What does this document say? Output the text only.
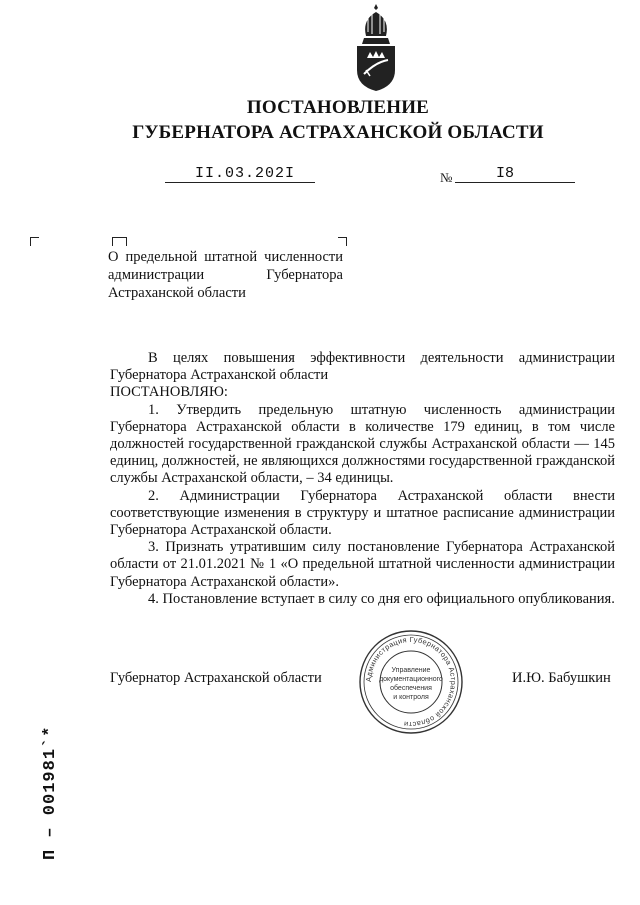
ПОСТАНОВЛЕНИЕ
ГУБЕРНАТОРА АСТРАХАНСКОЙ ОБЛАСТИ
II.03.202I	№	I8
О предельной штатной численности администрации Губернатора Астраханской области

В целях повышения эффективности деятельности администрации Губернатора Астраханской области

ПОСТАНОВЛЯЮ:

1. Утвердить предельную штатную численность администрации Губернатора Астраханской области в количестве 179 единиц, в том числе должностей государственной гражданской службы Астраханской области — 145 единиц, должностей, не являющихся должностями государственной гражданской службы Астраханской области, – 34 единицы.

2. Администрации Губернатора Астраханской области внести соответствующие изменения в структуру и штатное расписание администрации Губернатора Астраханской области.

3. Признать утратившим силу постановление Губернатора Астраханской области от 21.01.2021 № 1 «О предельной штатной численности администрации Губернатора Астраханской области».

4. Постановление вступает в силу со дня его официального опубликования.

Губернатор Астраханской области	И.Ю. Бабушкин
Администрация Губернатора Астраханской области
Управление
документационного
обеспечения
и контроля
П – 001981`*
